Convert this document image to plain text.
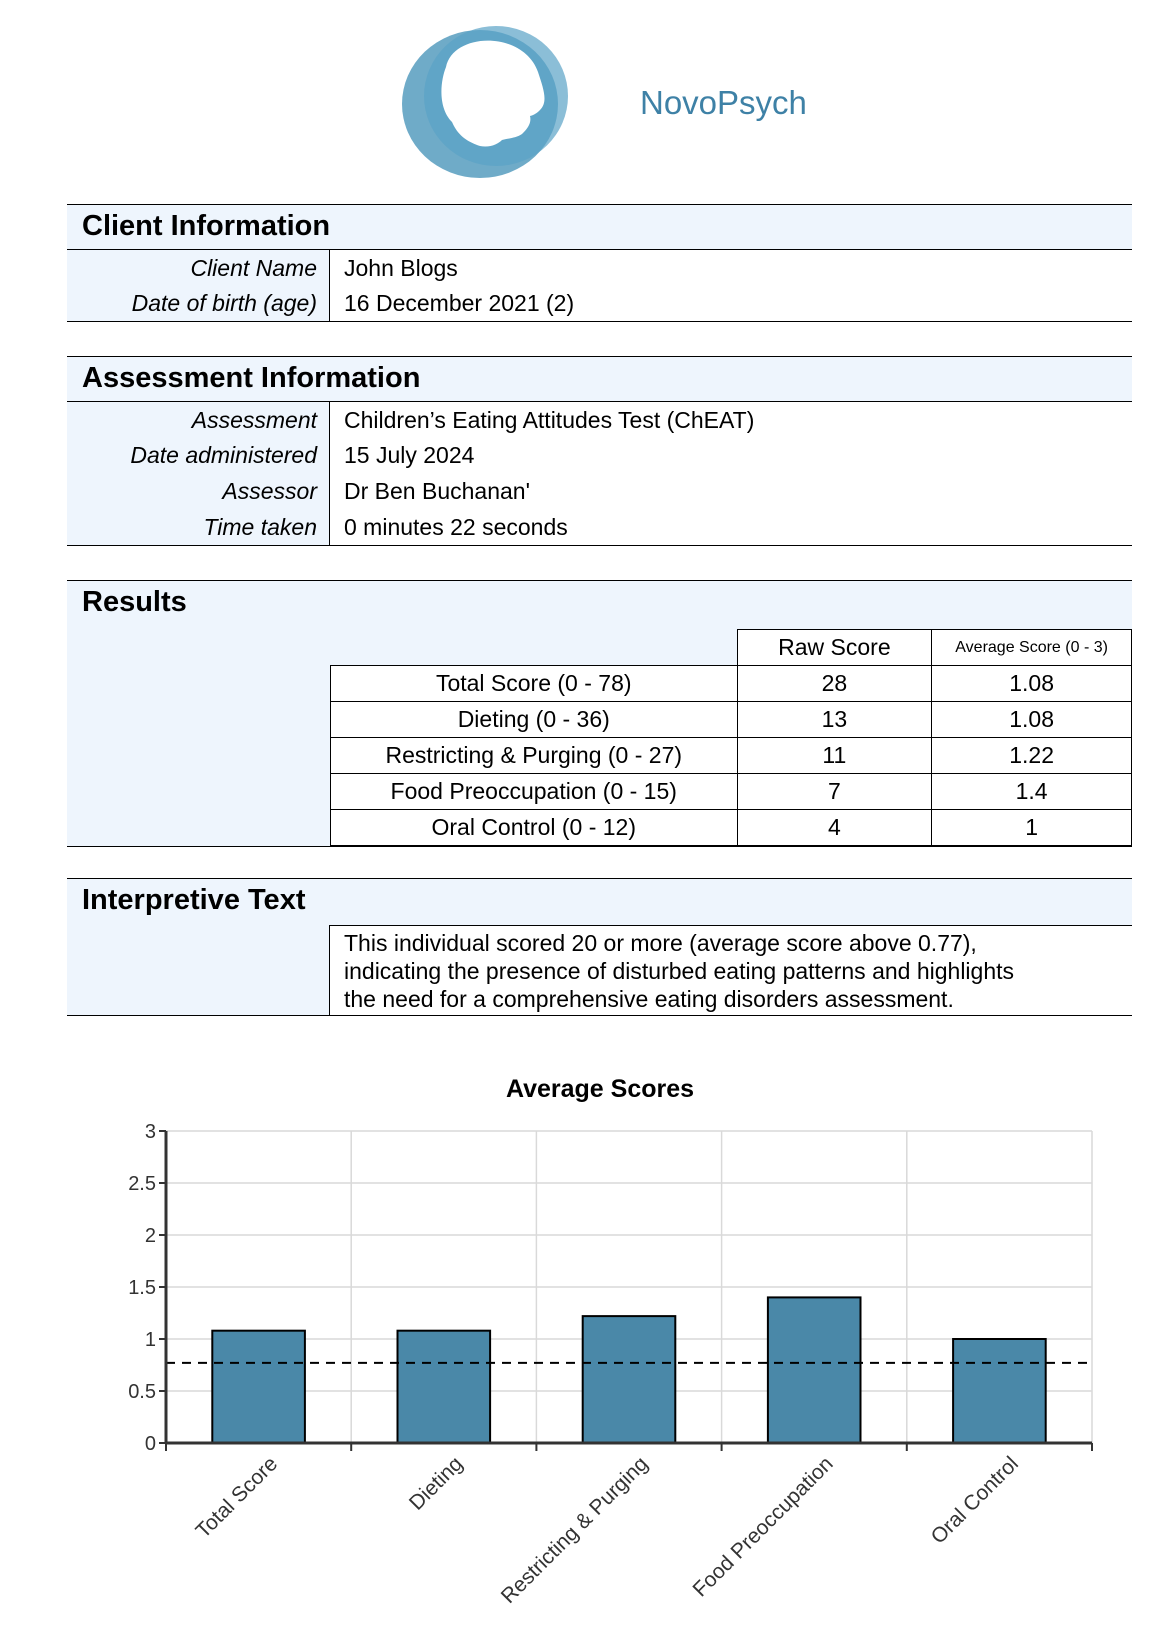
NovoPsych
Client Information
Client Name	John Blogs
Date of birth (age)	16 December 2021 (2)
Assessment Information
Assessment	Children’s Eating Attitudes Test (ChEAT)
Date administered	15 July 2024
Assessor	Dr Ben Buchanan'
Time taken	0 minutes 22 seconds
Results
	Raw Score	Average Score (0 - 3)
Total Score (0 - 78)	28	1.08
Dieting (0 - 36)	13	1.08
Restricting & Purging (0 - 27)	11	1.22
Food Preoccupation (0 - 15)	7	1.4
Oral Control (0 - 12)	4	1
Interpretive Text
This individual scored 20 or more (average score above 0.77),
indicating the presence of disturbed eating patterns and highlights
the need for a comprehensive eating disorders assessment.
Average Scores
0
0.5
1
1.5
2
2.5
3
Total Score	Dieting Restricting & Purging Food Preoccupation	Oral Control
